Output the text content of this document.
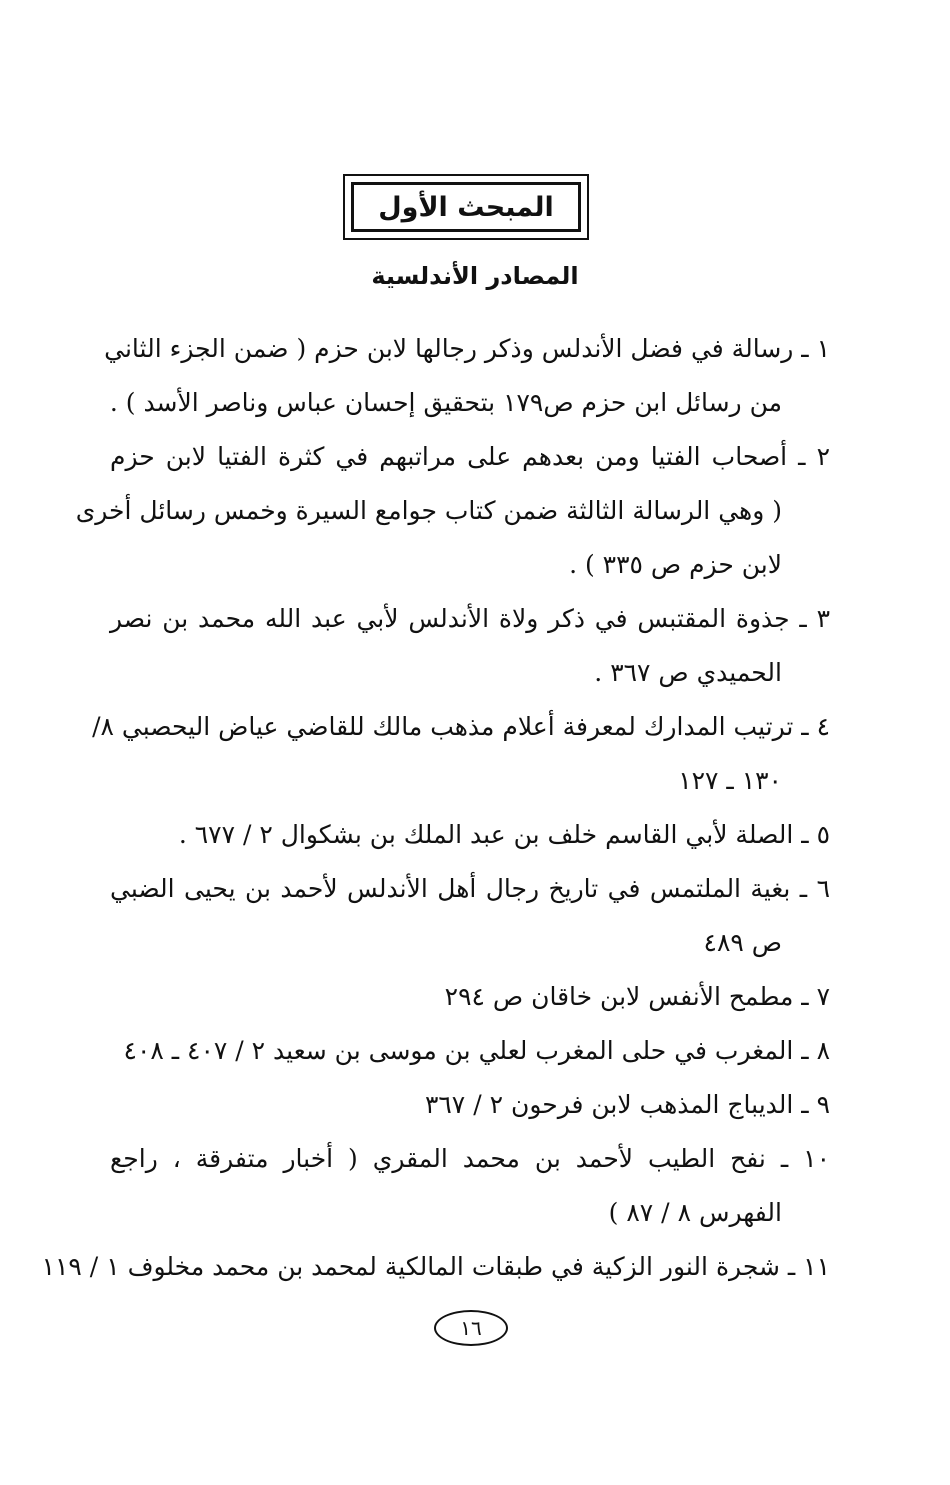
المبحث الأول
المصادر الأندلسية
١ ـ رسالة في فضل الأندلس وذكر رجالها لابن حزم ( ضمن الجزء الثاني
من رسائل ابن حزم ص١٧٩ بتحقيق إحسان عباس وناصر الأسد ) .
٢ ـ أصحاب الفتيا ومن بعدهم على مراتبهم في كثرة الفتيا لابن حزم
( وهي الرسالة الثالثة ضمن كتاب جوامع السيرة وخمس رسائل أخرى
لابن حزم ص ٣٣٥ ) .
٣ ـ جذوة المقتبس في ذكر ولاة الأندلس لأبي عبد الله محمد بن نصر
الحميدي ص ٣٦٧ .
٤ ـ ترتيب المدارك لمعرفة أعلام مذهب مالك للقاضي عياض اليحصبي ٨/
١٣٠ ـ ١٢٧
٥ ـ الصلة لأبي القاسم خلف بن عبد الملك بن بشكوال ٢ / ٦٧٧ .
٦ ـ بغية الملتمس في تاريخ رجال أهل الأندلس لأحمد بن يحيى الضبي
ص ٤٨٩
٧ ـ مطمح الأنفس لابن خاقان ص ٢٩٤
٨ ـ المغرب في حلى المغرب لعلي بن موسى بن سعيد ٢ / ٤٠٧ ـ ٤٠٨
٩ ـ الديباج المذهب لابن فرحون ٢ / ٣٦٧
١٠ ـ نفح الطيب لأحمد بن محمد المقري ( أخبار متفرقة ، راجع
الفهرس ٨ / ٨٧ )
١١ ـ شجرة النور الزكية في طبقات المالكية لمحمد بن محمد مخلوف ١ / ١١٩
١٦
